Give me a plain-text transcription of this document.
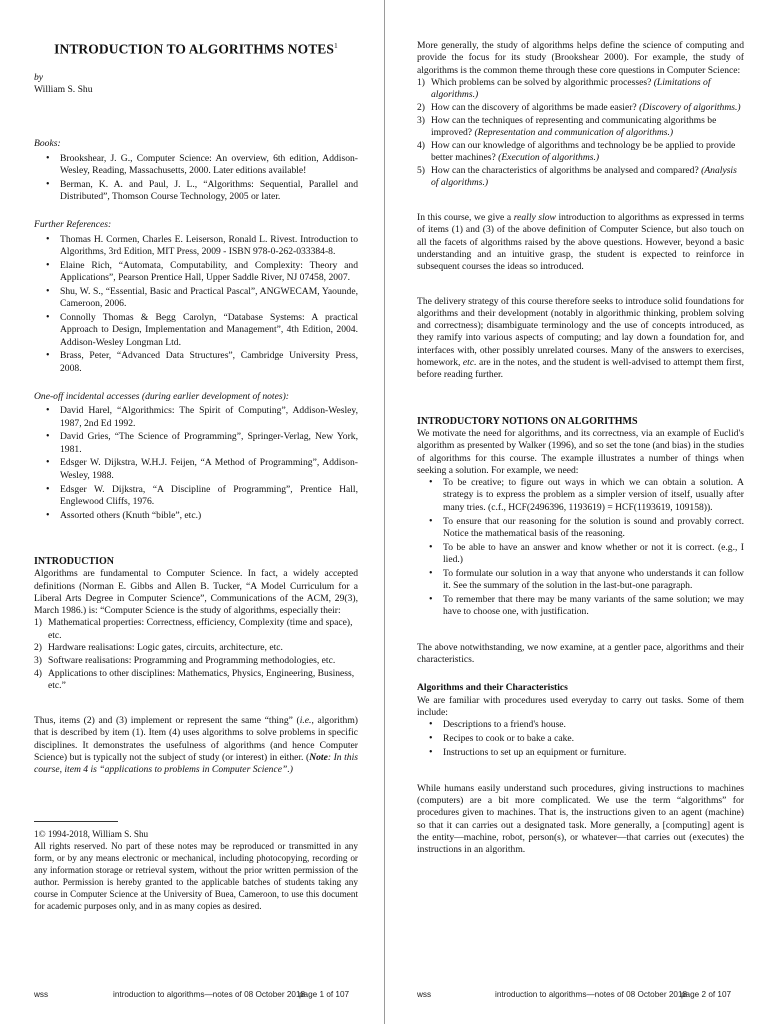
INTRODUCTION TO ALGORITHMS NOTES$^1$

by

William S. Shu

Books:

• Brookshear, J. G., Computer Science: An overview, 6th edition, Addison-Wesley, Reading, Massachusetts, 2000. Later editions available!
• Berman, K. A. and Paul, J. L., “Algorithms: Sequential, Parallel and Distributed”, Thomson Course Technology, 2005 or later.

Further References:

• Thomas H. Cormen, Charles E. Leiserson, Ronald L. Rivest. Introduction to Algorithms, 3rd Edition, MIT Press, 2009 - ISBN 978-0-262-033384-8.
• Elaine Rich, “Automata, Computability, and Complexity: Theory and Applications”, Pearson Prentice Hall, Upper Saddle River, NJ 07458, 2007.
• Shu, W. S., “Essential, Basic and Practical Pascal”, ANGWECAM, Yaounde, Cameroon, 2006.
• Connolly Thomas & Begg Carolyn, “Database Systems: A practical Approach to Design, Implementation and Management”, 4th Edition, 2004. Addison-Wesley Longman Ltd.
• Brass, Peter, “Advanced Data Structures”, Cambridge University Press, 2008.

One-off incidental accesses (during earlier development of notes):

• David Harel, “Algorithmics: The Spirit of Computing”, Addison-Wesley, 1987, 2nd Ed 1992.
• David Gries, “The Science of Programming”, Springer-Verlag, New York, 1981.
• Edsger W. Dijkstra, W.H.J. Feijen, “A Method of Programming”, Addison-Wesley, 1988.
• Edsger W. Dijkstra, “A Discipline of Programming”, Prentice Hall, Englewood Cliffs, 1976.
• Assorted others (Knuth “bible”, etc.)
INTRODUCTION

Algorithms are fundamental to Computer Science. In fact, a widely accepted definitions (Norman E. Gibbs and Allen B. Tucker, “A Model Curriculum for a Liberal Arts Degree in Computer Science”, Communications of the ACM, 29(3), March 1986.) is: “Computer Science is the study of algorithms, especially their:

1) Mathematical properties: Correctness, efficiency, Complexity (time and space), etc.
2) Hardware realisations: Logic gates, circuits, architecture, etc.
3) Software realisations: Programming and Programming methodologies, etc.
4) Applications to other disciplines: Mathematics, Physics, Engineering, Business, etc.”

Thus, items (2) and (3) implement or represent the same “thing” (i.e., algorithm) that is described by item (1). Item (4) uses algorithms to solve problems in specific disciplines. It demonstrates the usefulness of algorithms (and hence Computer Science) but is typically not the subject of study (or interest) in either. (Note: In this course, item 4 is “applications to problems in Computer Science”.)

1© 1994-2018, William S. Shu
All rights reserved. No part of these notes may be reproduced or transmitted in any form, or by any means electronic or mechanical, including photocopying, recording or any information storage or retrieval system, without the prior written permission of the author. Permission is hereby granted to the applicable batches of students taking any course in Computer Science at the University of Buea, Cameroon, to use this document for academic purposes only, and in as many copies as desired.

wss	introduction to algorithms—notes of 08 October 2018
page 1 of 107

More generally, the study of algorithms helps define the science of computing and provide the focus for its study (Brookshear 2000). For example, the study of algorithms is the common theme through these core questions in Computer Science:

1) Which problems can be solved by algorithmic processes? (Limitations of algorithms.)
2) How can the discovery of algorithms be made easier? (Discovery of algorithms.)
3) How can the techniques of representing and communicating algorithms be improved? (Representation and communication of algorithms.)
4) How can our knowledge of algorithms and technology be be applied to provide better machines? (Execution of algorithms.)
5) How can the characteristics of algorithms be analysed and compared? (Analysis of algorithms.)

In this course, we give a really slow introduction to algorithms as expressed in terms of items (1) and (3) of the above definition of Computer Science, but also touch on all the facets of algorithms raised by the above questions. However, beyond a basic understanding and an intuitive grasp, the student is expected to reinforce in subsequent courses the ideas so introduced.

The delivery strategy of this course therefore seeks to introduce solid foundations for algorithms and their development (notably in algorithmic thinking, problem solving and correctness); disambiguate terminology and the use of concepts introduced, as they ramify into various aspects of computing; and lay down a foundation for, and interfaces with, other possibly unrelated courses. Many of the answers to exercises, homework, etc. are in the notes, and the student is well-advised to attempt them first, before reading further.

INTRODUCTORY NOTIONS ON ALGORITHMS

We motivate the need for algorithms, and its correctness, via an example of Euclid's algorithm as presented by Walker (1996), and so set the tone (and bias) in the studies of algorithms for this course. The example illustrates a number of things when seeking a solution. For example, we need:

• To be creative; to figure out ways in which we can obtain a solution. A strategy is to express the problem as a simpler version of itself, usually after many tries. (c.f., HCF(2496396, 1193619) = HCF(1193619, 109158)).
• To ensure that our reasoning for the solution is sound and provably correct. Notice the mathematical basis of the reasoning.
• To be able to have an answer and know whether or not it is correct. (e.g., I lied.)
• To formulate our solution in a way that anyone who understands it can follow it. See the summary of the solution in the last-but-one paragraph.
• To remember that there may be many variants of the same solution; we may have to choose one, with justification.

The above notwithstanding, we now examine, at a gentler pace, algorithms and their characteristics.

Algorithms and their Characteristics

We are familiar with procedures used everyday to carry out tasks. Some of them include:

• Descriptions to a friend's house.
• Recipes to cook or to bake a cake.
• Instructions to set up an equipment or furniture.

While humans easily understand such procedures, giving instructions to machines (computers) are a bit more complicated. We use the term “algorithms” for procedures given to machines. That is, the instructions given to an agent (machine) so that it can carries out a designated task. More generally, a [computing] agent is the entity—machine, robot, person(s), or whatever—that carries out (executes) the instructions in an algorithm.

wss	introduction to algorithms—notes of 08 October 2018
page 2 of 107
